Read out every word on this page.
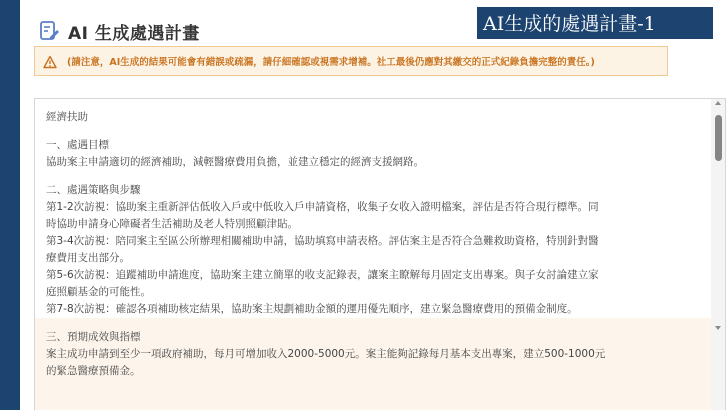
AI 生成處遇計畫	AI生成的處遇計畫-1
(請注意，AI生成的結果可能會有錯誤或疏漏，請仔細確認或視需求增補。社工最後仍應對其繳交的正式紀錄負擔完整的責任。)

經濟扶助

一、處遇目標

協助案主申請適切的經濟補助，減輕醫療費用負擔，並建立穩定的經濟支援網路。

二、處遇策略與步驟

第1-2次訪視：協助案主重新評估低收入戶或中低收入戶申請資格，收集子女收入證明檔案，評估是否符合現行標準。同

時協助申請身心障礙者生活補助及老人特別照顧津貼。

第3-4次訪視：陪同案主至區公所辦理相關補助申請，協助填寫申請表格。評估案主是否符合急難救助資格，特別針對醫

療費用支出部分。

第5-6次訪視：追蹤補助申請進度，協助案主建立簡單的收支記錄表，讓案主瞭解每月固定支出專案。與子女討論建立家

庭照顧基金的可能性。

第7-8次訪視：確認各項補助核定結果，協助案主規劃補助金額的運用優先順序，建立緊急醫療費用的預備金制度。

三、預期成效與指標

案主成功申請到至少一項政府補助，每月可增加收入2000-5000元。案主能夠記錄每月基本支出專案，建立500-1000元

的緊急醫療預備金。
